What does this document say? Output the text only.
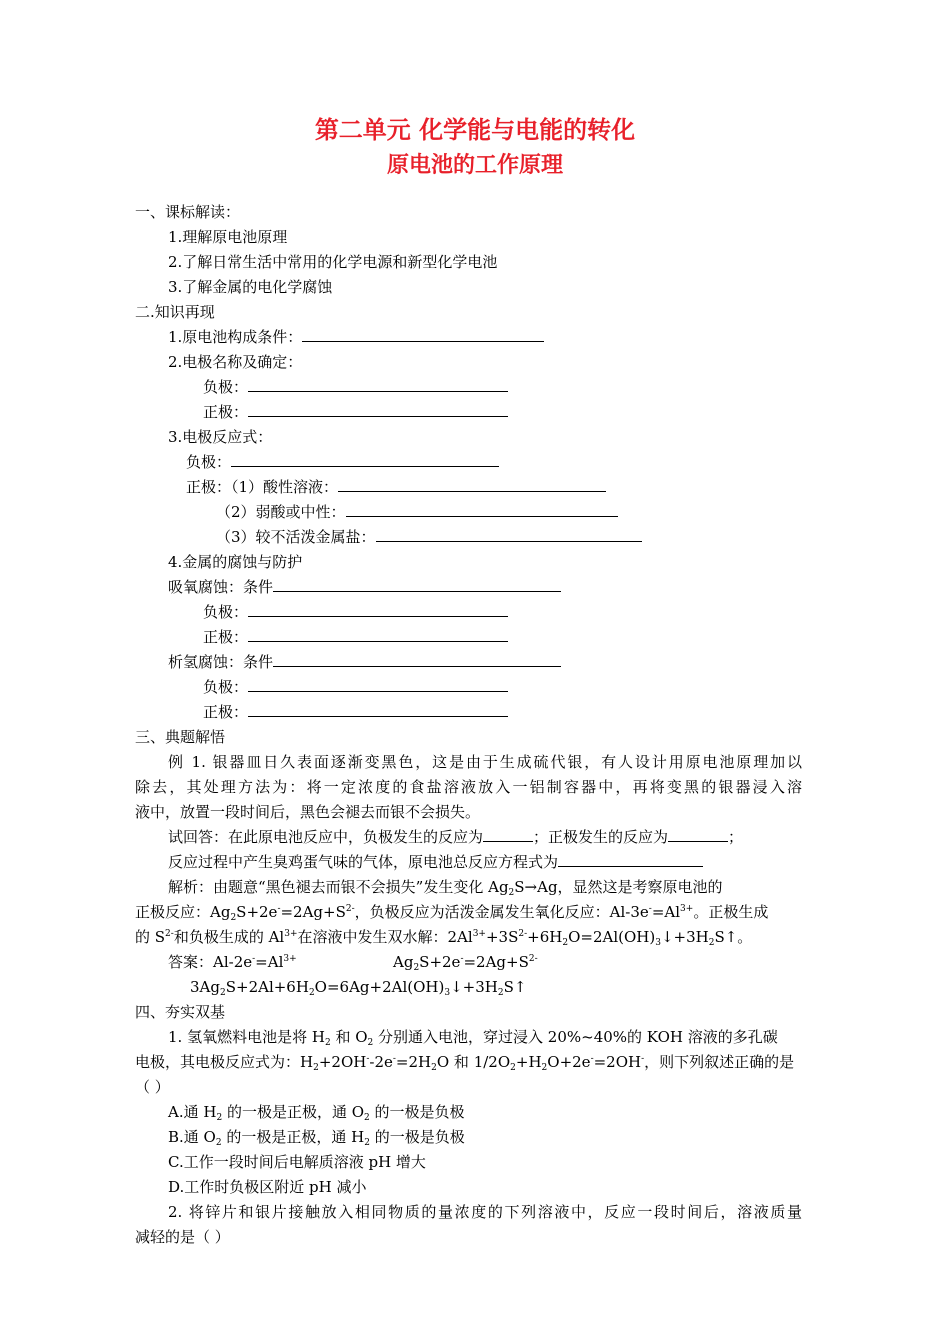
第二单元 化学能与电能的转化
原电池的工作原理
一、课标解读：
1.理解原电池原理
2.了解日常生活中常用的化学电源和新型化学电池
3.了解金属的电化学腐蚀
二.知识再现
1.原电池构成条件：
2.电极名称及确定：
负极：
正极：
3.电极反应式：
负极：
正极：（1）酸性溶液：
（2）弱酸或中性：
（3）较不活泼金属盐：
4.金属的腐蚀与防护
吸氧腐蚀：条件
负极：
正极：
析氢腐蚀：条件
负极：
正极：
三、典题解悟
例 1. 银器皿日久表面逐渐变黑色，这是由于生成硫代银，有人设计用原电池原理加以
除去，其处理方法为：将一定浓度的食盐溶液放入一铝制容器中，再将变黑的银器浸入溶
液中，放置一段时间后，黑色会褪去而银不会损失。
试回答：在此原电池反应中，负极发生的反应为	；正极发生的反应为	；
反应过程中产生臭鸡蛋气味的气体，原电池总反应方程式为
解析：由题意“黑色褪去而银不会损失”发生变化 $Ag_2S\to Ag$，显然这是考察原电池的
正极反应：$Ag_2S+2e^-=2Ag+S^{2-}$，负极反应为活泼金属发生氧化反应：$Al-3e^-=Al^{3+}$。正极生成
的 $S^{2-}$和负极生成的 $Al^{3+}$在溶液中发生双水解：$2Al^{3+}+3S^{2-}+6H_2O=2Al(OH)_3↓+3H_2S↑$。
答案：$Al-2e^-=Al^{3+}$	$Ag_2S+2e^-=2Ag+S^{2-}$
$3Ag_2S+2Al+6H_2O=6Ag+2Al(OH)_3↓+3H_2S↑$
四、夯实双基
1. 氢氧燃料电池是将 $H_2$ 和 $O_2$ 分别通入电池，穿过浸入 20%~40%的 KOH 溶液的多孔碳
电极，其电极反应式为：$H_2+2OH^--2e^-=2H_2O$ 和 $1/2O_2+H_2O+2e^-=2OH^-$，则下列叙述正确的是
（ ）
A.通 $H_2$ 的一极是正极，通 $O_2$ 的一极是负极
B.通 $O_2$ 的一极是正极，通 $H_2$ 的一极是负极
C.工作一段时间后电解质溶液 pH 增大
D.工作时负极区附近 pH 减小
2. 将锌片和银片接触放入相同物质的量浓度的下列溶液中，反应一段时间后，溶液质量
减轻的是（ ）
